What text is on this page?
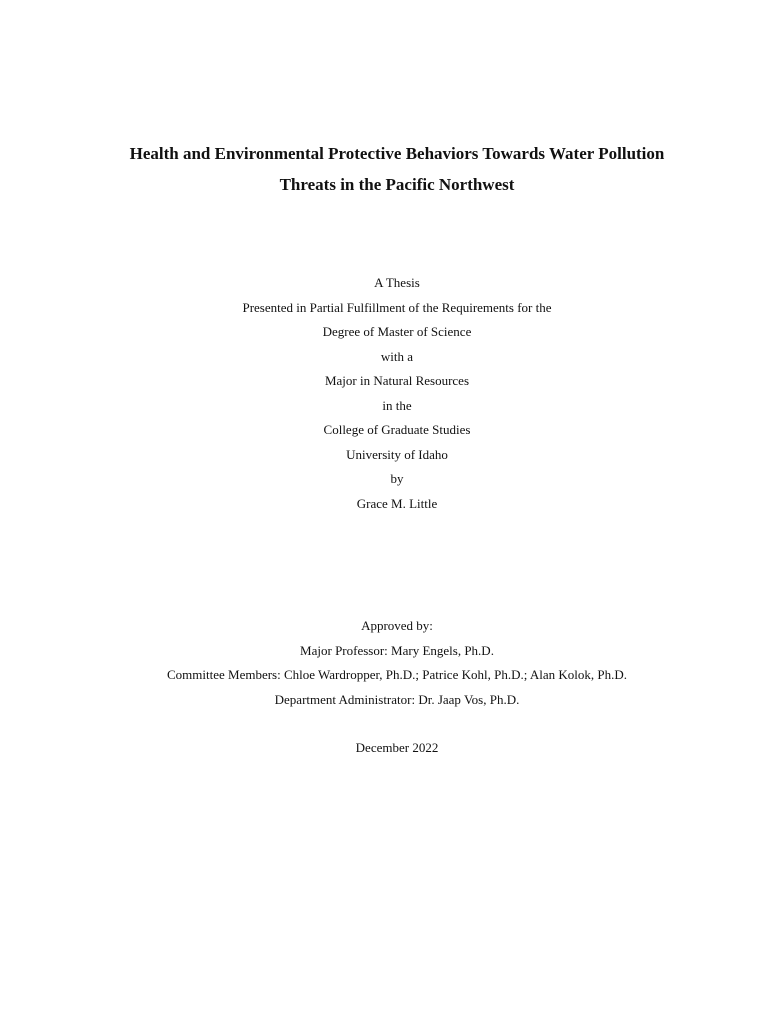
Health and Environmental Protective Behaviors Towards Water Pollution
Threats in the Pacific Northwest
A Thesis
Presented in Partial Fulfillment of the Requirements for the
Degree of Master of Science
with a
Major in Natural Resources
in the
College of Graduate Studies
University of Idaho
by
Grace M. Little
Approved by:
Major Professor: Mary Engels, Ph.D.
Committee Members: Chloe Wardropper, Ph.D.; Patrice Kohl, Ph.D.; Alan Kolok, Ph.D.
Department Administrator: Dr. Jaap Vos, Ph.D.
December 2022
